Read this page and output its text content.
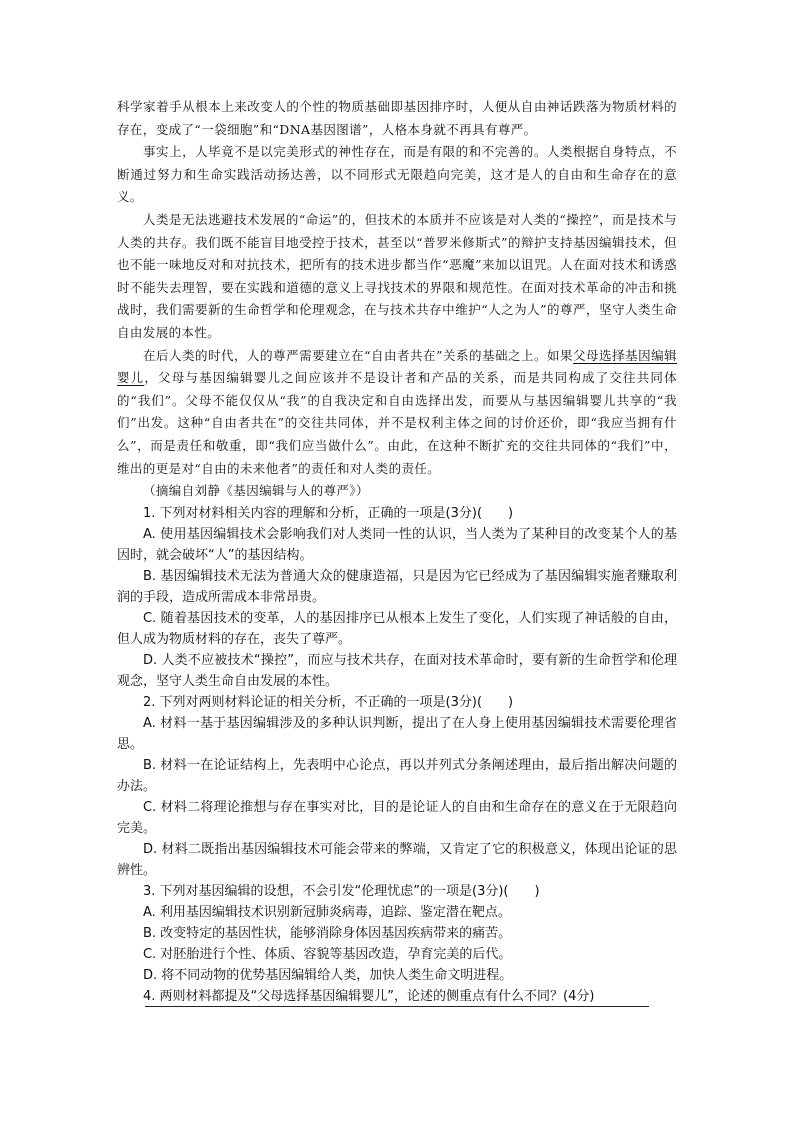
科学家着手从根本上来改变人的个性的物质基础即基因排序时，人便从自由神话跌落为物质材料的存在，变成了“一袋细胞”和“DNA基因图谱”，人格本身就不再具有尊严。

事实上，人毕竟不是以完美形式的神性存在，而是有限的和不完善的。人类根据自身特点，不断通过努力和生命实践活动扬达善，以不同形式无限趋向完美，这才是人的自由和生命存在的意义。

人类是无法逃避技术发展的“命运”的，但技术的本质并不应该是对人类的“操控”，而是技术与人类的共存。我们既不能盲目地受控于技术，甚至以“普罗米修斯式”的辩护支持基因编辑技术，但也不能一味地反对和对抗技术，把所有的技术进步都当作“恶魔”来加以诅咒。人在面对技术和诱惑时不能失去理智，要在实践和道德的意义上寻找技术的界限和规范性。在面对技术革命的冲击和挑战时，我们需要新的生命哲学和伦理观念，在与技术共存中维护“人之为人”的尊严，坚守人类生命自由发展的本性。

在后人类的时代，人的尊严需要建立在“自由者共在”关系的基础之上。如果父母选择基因编辑婴儿，父母与基因编辑婴儿之间应该并不是设计者和产品的关系，而是共同构成了交往共同体的“我们”。父母不能仅仅从“我”的自我决定和自由选择出发，而要从与基因编辑婴儿共享的“我们”出发。这种“自由者共在”的交往共同体，并不是权利主体之间的讨价还价，即“我应当拥有什么”，而是责任和敬重，即“我们应当做什么”。由此，在这种不断扩充的交往共同体的“我们”中，维出的更是对“自由的未来他者”的责任和对人类的责任。

（摘编自刘静《基因编辑与人的尊严》）

1. 下列对材料相关内容的理解和分析，正确的一项是(3分)(　　)

A. 使用基因编辑技术会影响我们对人类同一性的认识，当人类为了某种目的改变某个人的基因时，就会破坏“人”的基因结构。

B. 基因编辑技术无法为普通大众的健康造福，只是因为它已经成为了基因编辑实施者赚取利润的手段，造成所需成本非常昂贵。

C. 随着基因技术的变革，人的基因排序已从根本上发生了变化，人们实现了神话般的自由，但人成为物质材料的存在，丧失了尊严。

D. 人类不应被技术“操控”，而应与技术共存，在面对技术革命时，要有新的生命哲学和伦理观念，坚守人类生命自由发展的本性。

2. 下列对两则材料论证的相关分析，不正确的一项是(3分)(　　)

A. 材料一基于基因编辑涉及的多种认识判断，提出了在人身上使用基因编辑技术需要伦理省思。

B. 材料一在论证结构上，先表明中心论点，再以并列式分条阐述理由，最后指出解决问题的办法。

C. 材料二将理论推想与存在事实对比，目的是论证人的自由和生命存在的意义在于无限趋向完美。

D. 材料二既指出基因编辑技术可能会带来的弊端，又肯定了它的积极意义，体现出论证的思辨性。

3. 下列对基因编辑的设想，不会引发“伦理忧虑”的一项是(3分)(　　)

A. 利用基因编辑技术识别新冠肺炎病毒，追踪、鉴定潜在靶点。

B. 改变特定的基因性状，能够消除身体因基因疾病带来的痛苦。

C. 对胚胎进行个性、体质、容貌等基因改造，孕育完美的后代。

D. 将不同动物的优势基因编辑给人类，加快人类生命文明进程。

4. 两则材料都提及“父母选择基因编辑婴儿”，论述的侧重点有什么不同？(4分)
